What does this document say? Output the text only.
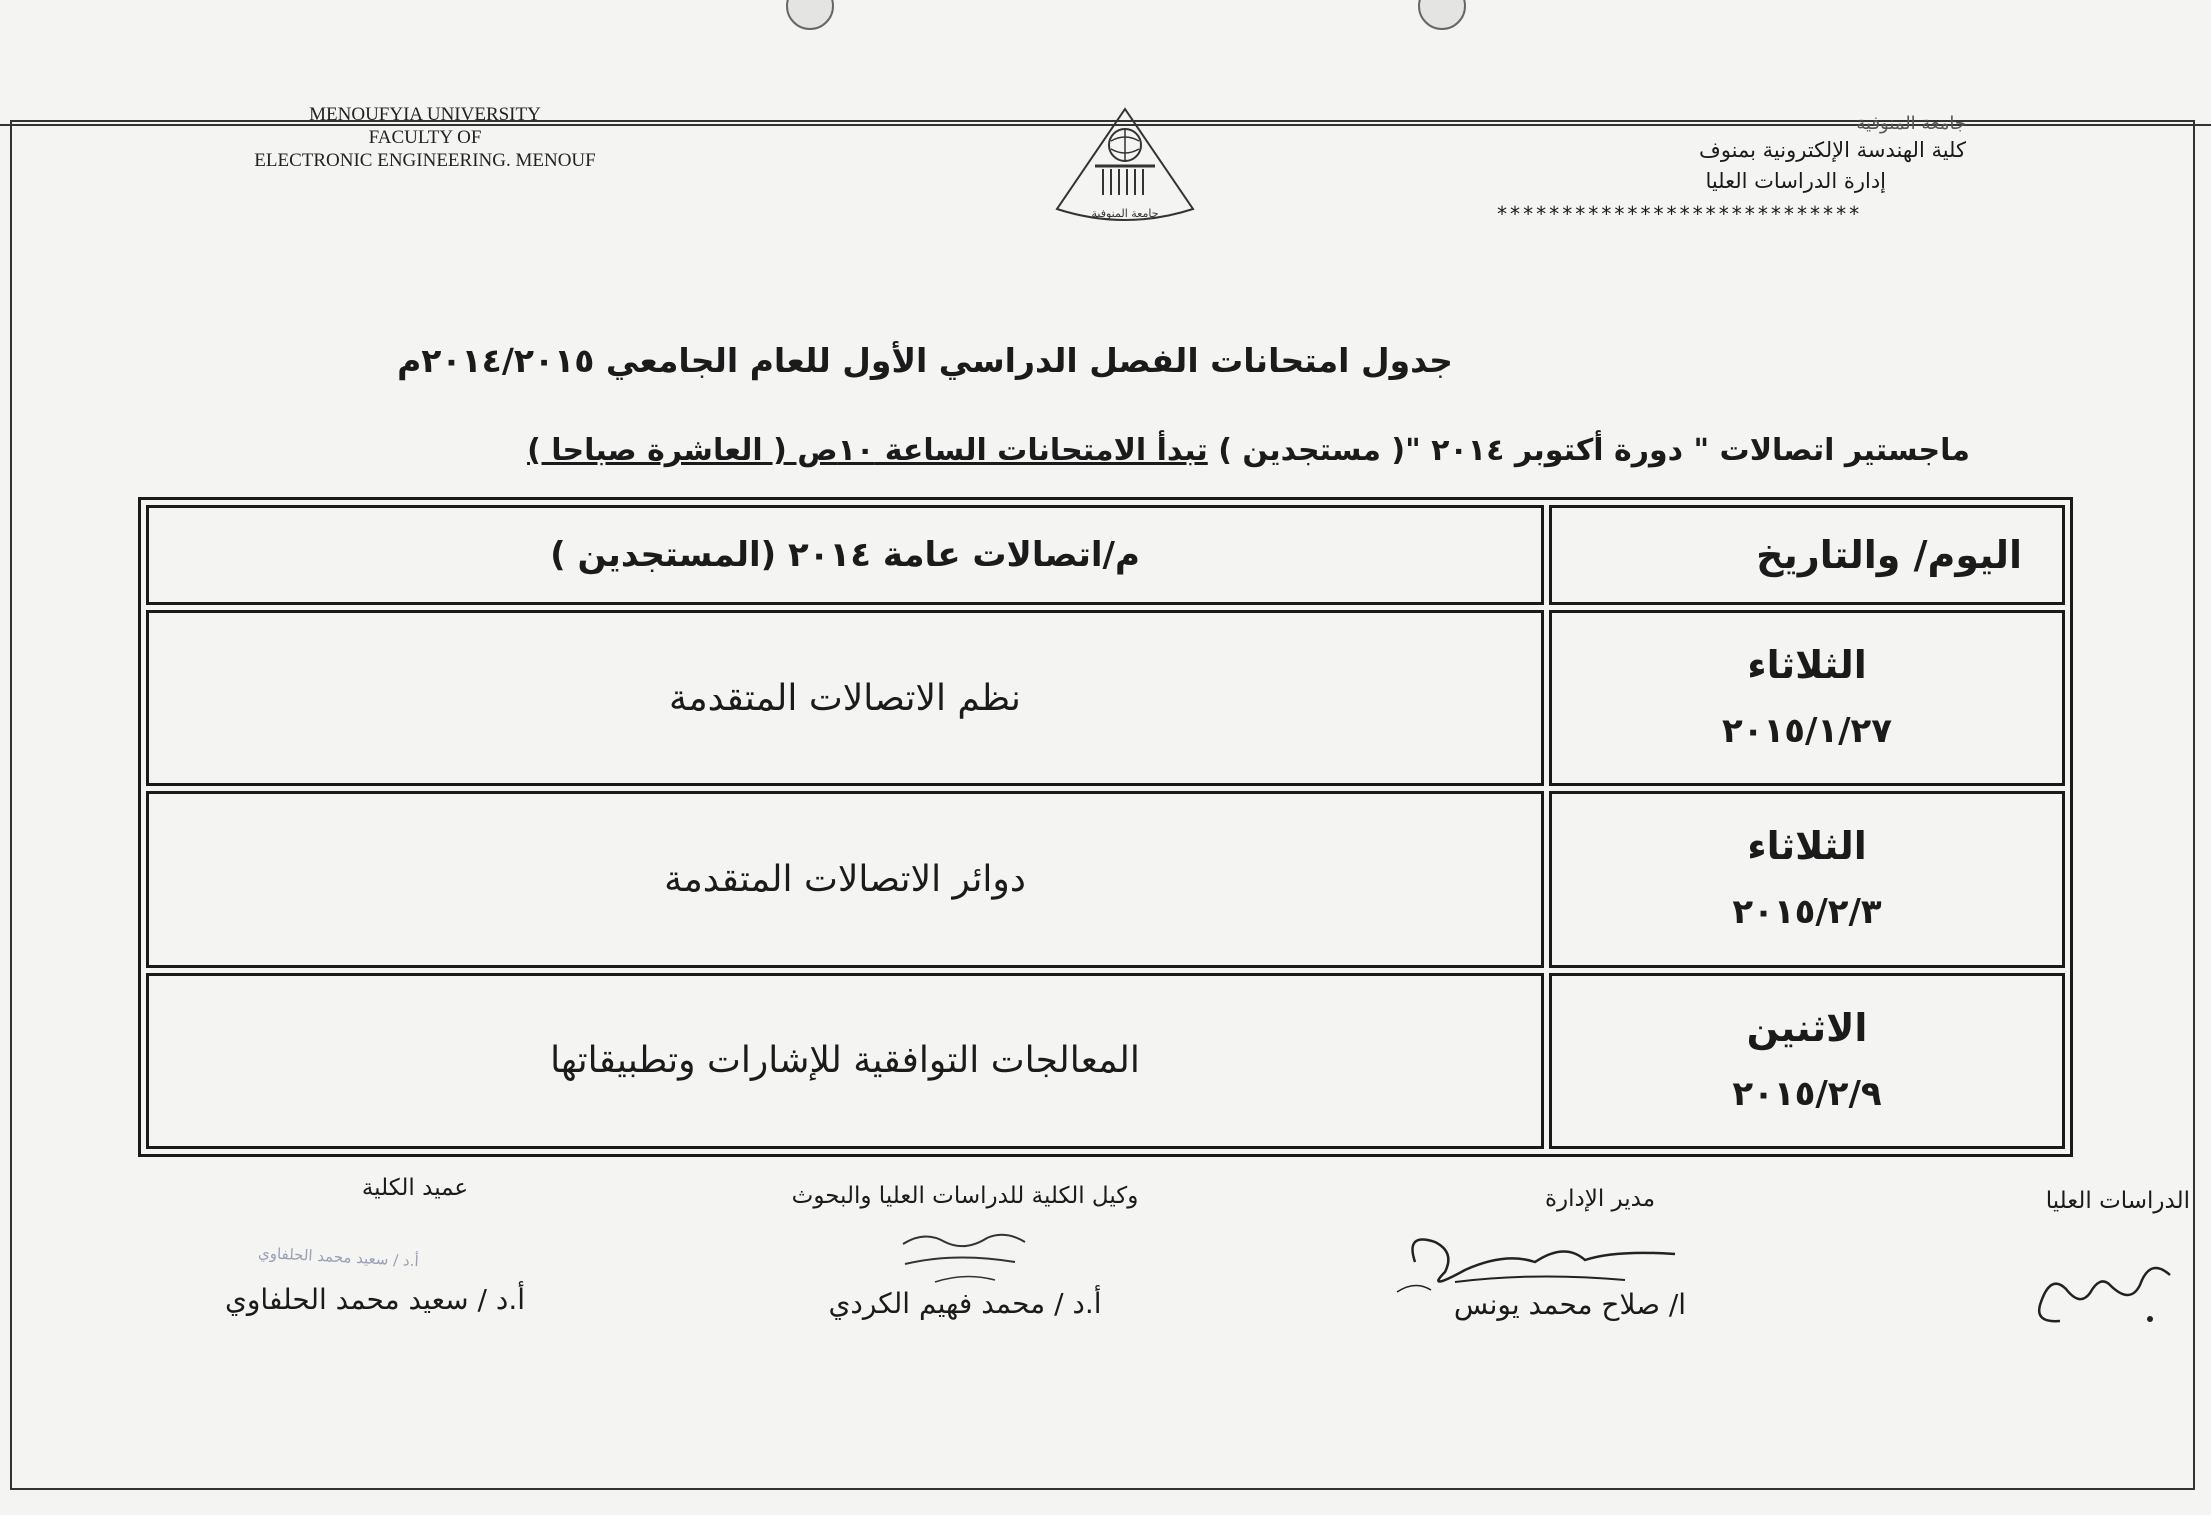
MENOUFYIA UNIVERSITY
FACULTY OF
ELECTRONIC ENGINEERING. MENOUF
جامعة المنوفية
جامعة المنوفية
كلية الهندسة الإلكترونية بمنوف
إدارة الدراسات العليا
****************************
جدول امتحانات الفصل الدراسي الأول للعام الجامعي ٢٠١٤/٢٠١٥م
ماجستير اتصالات " دورة أكتوبر ٢٠١٤ "( مستجدين ) تبدأ الامتحانات الساعة ١٠ص ( العاشرة صباحا )
اليوم/ والتاريخ	م/اتصالات عامة ٢٠١٤ (المستجدين )

الثلاثاء
٢٠١٥/١/٢٧	نظم الاتصالات المتقدمة

الثلاثاء
٢٠١٥/٢/٣	دوائر الاتصالات المتقدمة

الاثنين
٢٠١٥/٢/٩	المعالجات التوافقية للإشارات وتطبيقاتها
عميد الكلية
أ.د / سعيد محمد الحلفاوي
أ.د / سعيد محمد الحلفاوي
وكيل الكلية للدراسات العليا والبحوث
أ.د / محمد فهيم الكردي
مدير الإدارة
ا/ صلاح محمد يونس
الدراسات العليا
